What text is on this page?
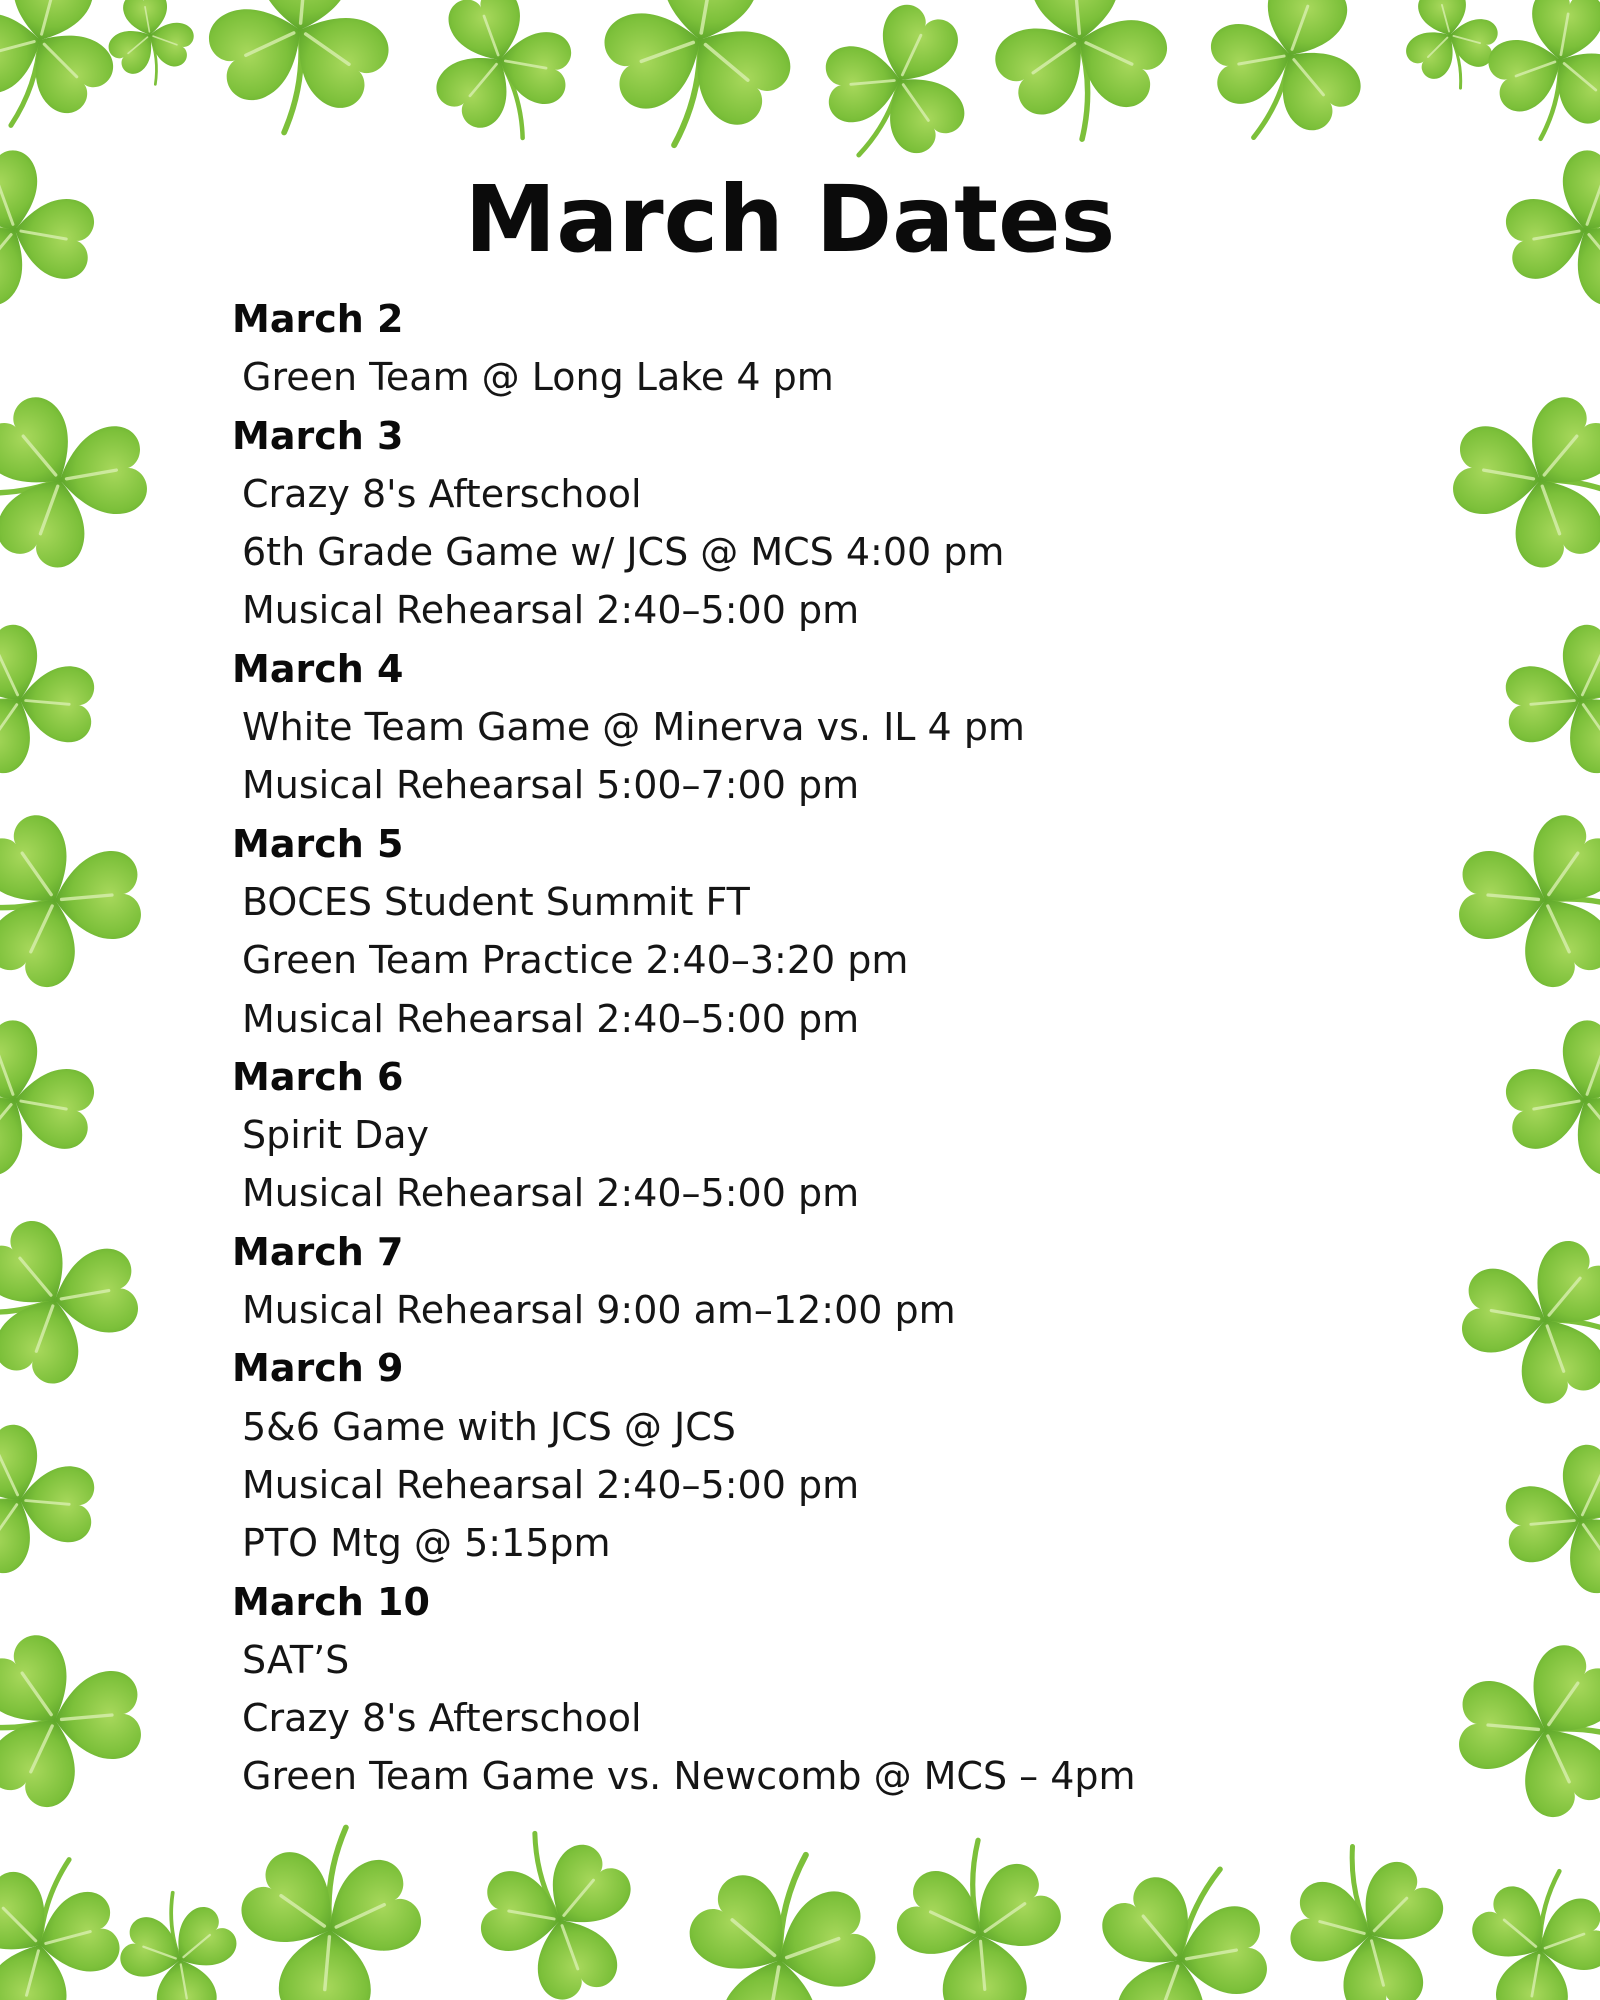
March Dates
March 2
Green Team @ Long Lake 4 pm
March 3
Crazy 8's Afterschool
6th Grade Game w/ JCS @ MCS 4:00 pm
Musical Rehearsal 2:40–5:00 pm
March 4
White Team Game @ Minerva vs. IL 4 pm
Musical Rehearsal 5:00–7:00 pm
March 5
BOCES Student Summit FT
Green Team Practice 2:40–3:20 pm
Musical Rehearsal 2:40–5:00 pm
March 6
Spirit Day
Musical Rehearsal 2:40–5:00 pm
March 7
Musical Rehearsal 9:00 am–12:00 pm
March 9
5&6 Game with JCS @ JCS
Musical Rehearsal 2:40–5:00 pm
PTO Mtg @ 5:15pm
March 10
SAT’S
Crazy 8's Afterschool
Green Team Game vs. Newcomb @ MCS – 4pm
